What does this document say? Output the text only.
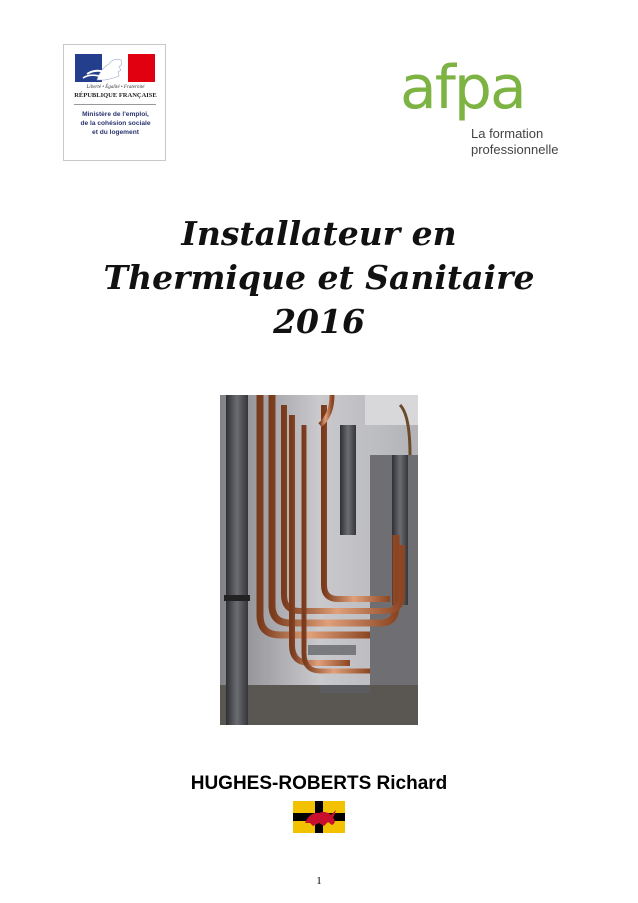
Liberté • Égalité • Fraternité
RÉPUBLIQUE FRANÇAISE
Ministère de l'emploi,
de la cohésion sociale
et du logement
afpa
La formation
professionnelle
Installateur en
Thermique et Sanitaire
2016
HUGHES-ROBERTS Richard
1
